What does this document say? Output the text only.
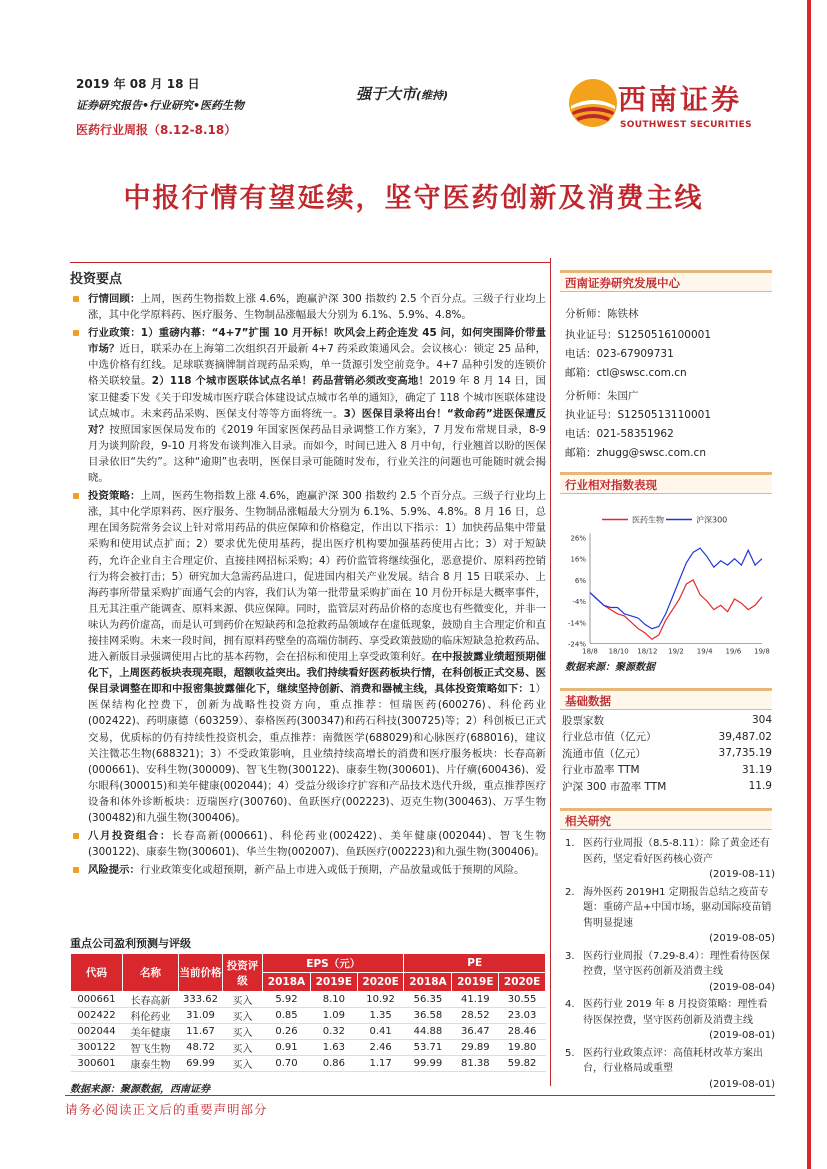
2019 年 08 月 18 日
证券研究报告•行业研究•医药生物
医药行业周报（8.12-8.18）
强于大市(维持)	西南证券
SOUTHWEST SECURITIES
中报行情有望延续，坚守医药创新及消费主线
投资要点
行情回顾：上周，医药生物指数上涨 4.6%，跑赢沪深 300 指数约 2.5 个百分点。三级子行业均上涨，其中化学原料药、医疗服务、生物制品涨幅最大分别为 6.1%、5.9%、4.8%。
行业政策：1）重磅内幕：“4+7”扩围 10 月开标！吹风会上药企连发 45 问，如何突围降价带量市场？近日，联采办在上海第二次组织召开最新 4+7 药采政策通风会。会议核心：锁定 25 品种，中选价格有红线。足球联赛摘牌制首现药品采购，单一货源引发空前竞争。4+7 品种引发的连锁价格关联较量。2）118 个城市医联体试点名单！药品营销必须改变高地！2019 年 8 月 14 日，国家卫健委下发《关于印发城市医疗联合体建设试点城市名单的通知》，确定了 118 个城市医联体建设试点城市。未来药品采购、医保支付等等方面将统一。3）医保目录将出台！“救命药”进医保遭反对？按照国家医保局发布的《2019 年国家医保药品目录调整工作方案》，7 月发布常规目录，8-9 月为谈判阶段，9-10 月将发布谈判准入目录。而如今，时间已进入 8 月中旬，行业翘首以盼的医保目录依旧“失约”。这种“逾期”也表明，医保目录可能随时发布，行业关注的问题也可能随时就会揭晓。
投资策略：上周，医药生物指数上涨 4.6%，跑赢沪深 300 指数约 2.5 个百分点。三级子行业均上涨，其中化学原料药、医疗服务、生物制品涨幅最大分别为 6.1%、5.9%、4.8%。8 月 16 日，总理在国务院常务会议上针对常用药品的供应保障和价格稳定，作出以下指示：1）加快药品集中带量采购和使用试点扩面；2）要求优先使用基药，提出医疗机构要加强基药使用占比；3）对于短缺药，允许企业自主合理定价、直接挂网招标采购；4）药价监管将继续强化，恶意提价、原料药控销行为将会被打击；5）研究加大急需药品进口，促进国内相关产业发展。结合 8 月 15 日联采办、上海药事所带量采购扩面通气会的内容，我们认为第一批带量采购扩面在 10 月份开标是大概率事件，且无其注重产能调查、原料来源、供应保障。同时，监管层对药品价格的态度也有些微变化，并非一味认为药价虚高，而是认可到药价在短缺药和急抢救药品领域存在虚低现象，鼓励自主合理定价和直接挂网采购。未来一段时间，拥有原料药壁垒的高端仿制药、享受政策鼓励的临床短缺急抢救药品、进入新版目录强调使用占比的基本药物，会在招标和使用上享受政策利好。在中报披露业绩超预期催化下，上周医药板块表现亮眼，超额收益突出。我们持续看好医药板块行情，在科创板正式交易、医保目录调整在即和中报密集披露催化下，继续坚持创新、消费和器械主线，具体投资策略如下：1）医保结构化控费下，创新为战略性投资方向，重点推荐：恒瑞医药(600276)、科伦药业(002422)、药明康德（603259）、泰格医药(300347)和药石科技(300725)等；2）科创板已正式交易，优质标的仍有持续性投资机会，重点推荐：南微医学(688029)和心脉医疗(688016)，建议关注微芯生物(688321)；3）不受政策影响，且业绩持续高增长的消费和医疗服务板块：长春高新(000661)、安科生物(300009)、智飞生物(300122)、康泰生物(300601)、片仔癀(600436)、爱尔眼科(300015)和美年健康(002044)；4）受益分级诊疗扩容和产品技术迭代升级，重点推荐医疗设备和体外诊断板块：迈瑞医疗(300760)、鱼跃医疗(002223)、迈克生物(300463)、万孚生物(300482)和九强生物(300406)。
八月投资组合：长春高新(000661)、科伦药业(002422)、美年健康(002044)、智飞生物(300122)、康泰生物(300601)、华兰生物(002007)、鱼跃医疗(002223)和九强生物(300406)。
风险提示：行业政策变化或超预期，新产品上市进入或低于预期，产品放量或低于预期的风险。
重点公司盈利预测与评级
代码	名称	当前价格	投资评级	EPS（元）			PE		
				2018A	2019E	2020E	2018A	2019E	2020E
000661	长春高新	333.62	买入	5.92	8.10	10.92	56.35	41.19	30.55
002422	科伦药业	31.09	买入	0.85	1.09	1.35	36.58	28.52	23.03
002044	美年健康	11.67	买入	0.26	0.32	0.41	44.88	36.47	28.46
300122	智飞生物	48.72	买入	0.91	1.63	2.46	53.71	29.89	19.80
300601	康泰生物	69.99	买入	0.70	0.86	1.17	99.99	81.38	59.82
数据来源：聚源数据，西南证券
请务必阅读正文后的重要声明部分
西南证券研究发展中心
分析师：陈铁林
执业证号：S1250516100001
电话：023-67909731
邮箱：ctl@swsc.com.cn
分析师：朱国广
执业证号：S1250513110001
电话：021-58351962
邮箱：zhugg@swsc.com.cn
行业相对指数表现
医药生物	沪深300
26%
16%
6%
-4%
-14%
-24%
18/8 18/10 18/12 19/2 19/4 19/6 19/8
数据来源：聚源数据
基础数据
股票家数	304
行业总市值（亿元）	39,487.02
流通市值（亿元）	37,735.19
行业市盈率 TTM	31.19
沪深 300 市盈率 TTM	11.9
相关研究
1. 医药行业周报（8.5-8.11）：除了黄金还有医药，坚定看好医药核心资产
(2019-08-11)
2. 海外医药 2019H1 定期报告总结之疫苗专题：重磅产品+中国市场，驱动国际疫苗销售明显提速
(2019-08-05)
3. 医药行业周报（7.29-8.4）：理性看待医保控费，坚守医药创新及消费主线
(2019-08-04)
4. 医药行业 2019 年 8 月投资策略：理性看待医保控费，坚守医药创新及消费主线
(2019-08-01)
5. 医药行业政策点评：高值耗材改革方案出台，行业格局或重塑
(2019-08-01)
